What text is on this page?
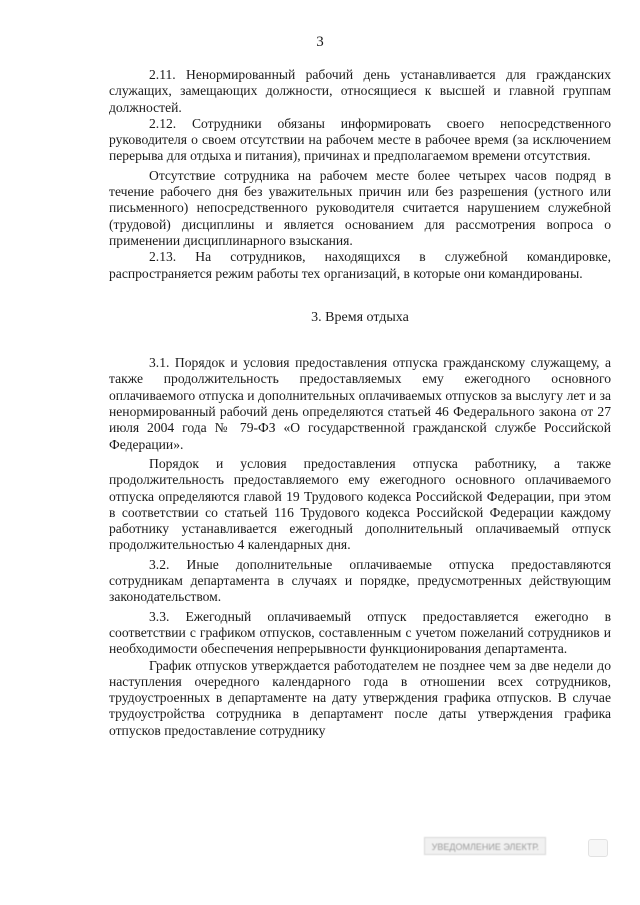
3

2.11. Ненормированный рабочий день устанавливается для гражданских служащих, замещающих должности, относящиеся к высшей и главной группам должностей.

2.12. Сотрудники обязаны информировать своего непосредственного руководителя о своем отсутствии на рабочем месте в рабочее время (за исключением перерыва для отдыха и питания), причинах и предполагаемом времени отсутствия.

Отсутствие сотрудника на рабочем месте более четырех часов подряд в течение рабочего дня без уважительных причин или без разрешения (устного или письменного) непосредственного руководителя считается нарушением служебной (трудовой) дисциплины и является основанием для рассмотрения вопроса о применении дисциплинарного взыскания.

2.13. На сотрудников, находящихся в служебной командировке, распространяется режим работы тех организаций, в которые они командированы.

3. Время отдыха

3.1. Порядок и условия предоставления отпуска гражданскому служащему, а также продолжительность предоставляемых ему ежегодного основного оплачиваемого отпуска и дополнительных оплачиваемых отпусков за выслугу лет и за ненормированный рабочий день определяются статьей 46 Федерального закона от 27 июля 2004 года № 79-ФЗ «О государственной гражданской службе Российской Федерации».

Порядок и условия предоставления отпуска работнику, а также продолжительность предоставляемого ему ежегодного основного оплачиваемого отпуска определяются главой 19 Трудового кодекса Российской Федерации, при этом в соответствии со статьей 116 Трудового кодекса Российской Федерации каждому работнику устанавливается ежегодный дополнительный оплачиваемый отпуск продолжительностью 4 календарных дня.

3.2. Иные дополнительные оплачиваемые отпуска предоставляются сотрудникам департамента в случаях и порядке, предусмотренных действующим законодательством.

3.3. Ежегодный оплачиваемый отпуск предоставляется ежегодно в соответствии с графиком отпусков, составленным с учетом пожеланий сотрудников и необходимости обеспечения непрерывности функционирования департамента.

График отпусков утверждается работодателем не позднее чем за две недели до наступления очередного календарного года в отношении всех сотрудников, трудоустроенных в департаменте на дату утверждения графика отпусков. В случае трудоустройства сотрудника в департамент после даты утверждения графика отпусков предоставление сотруднику

УВЕДОМЛЕНИЕ ЭЛЕКТР.
